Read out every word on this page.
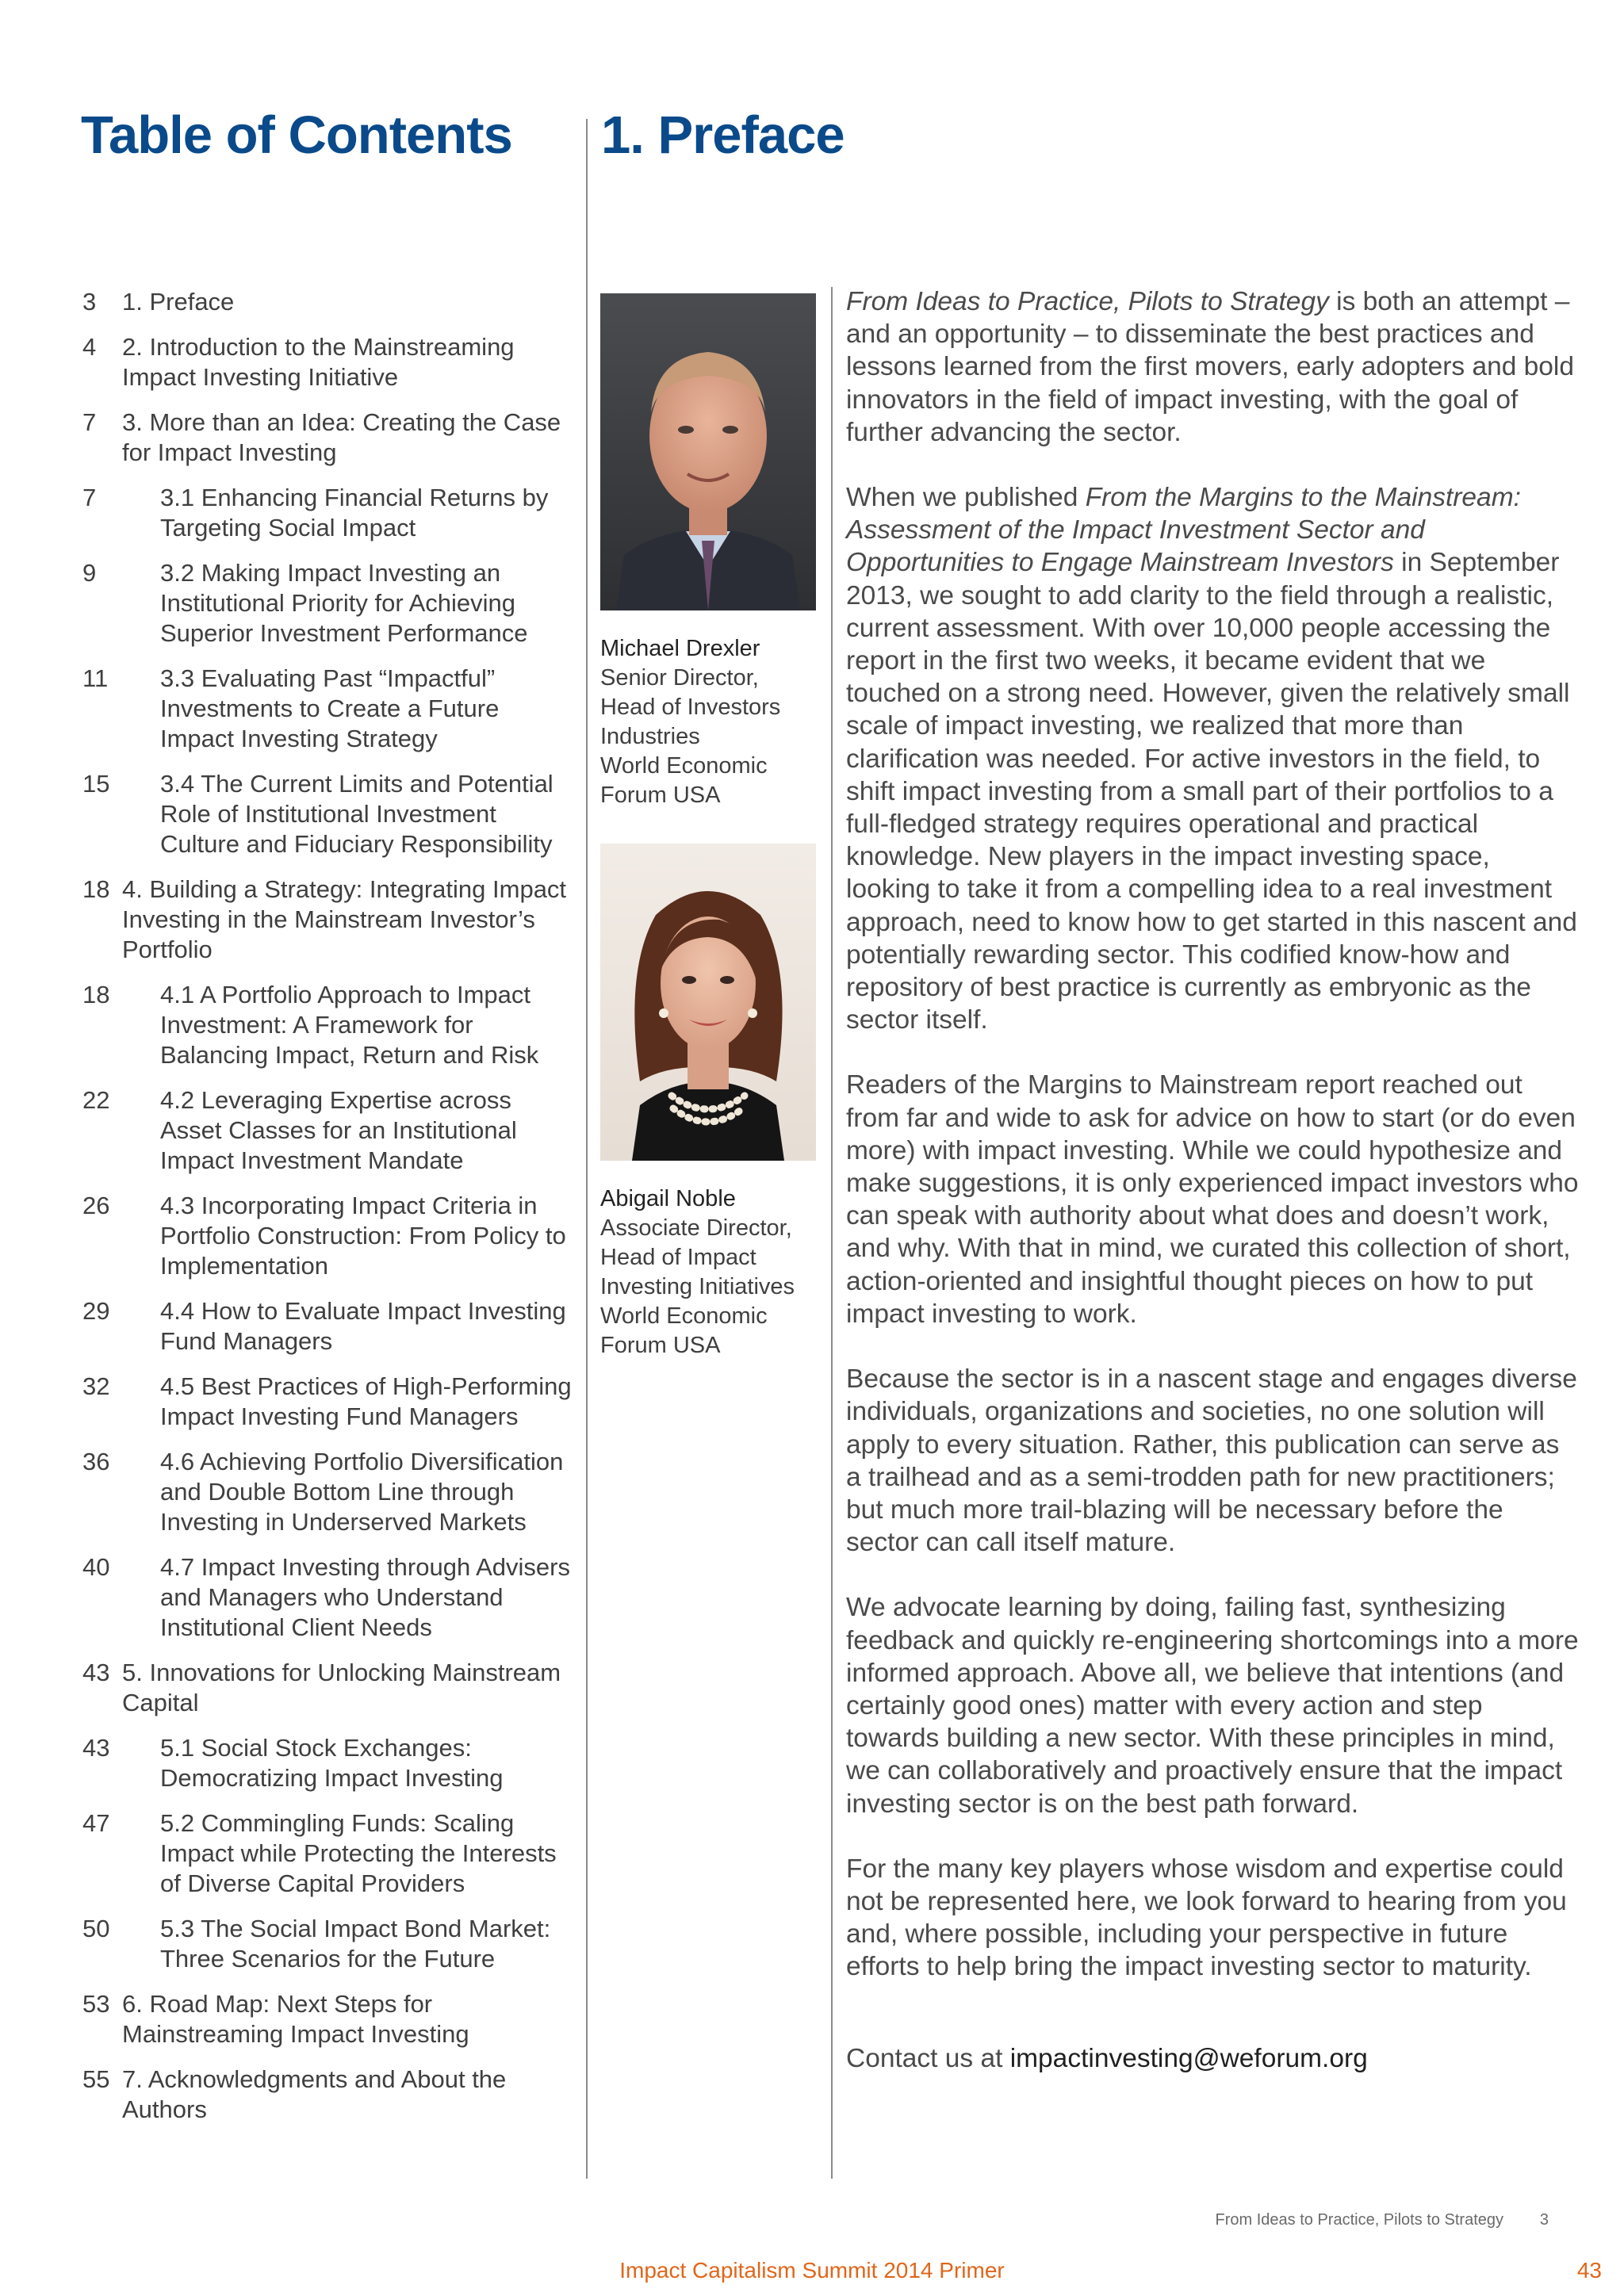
Table of Contents 1. Preface
3	1. Preface
4	2. Introduction to the Mainstreaming Impact Investing Initiative
7	3. More than an Idea: Creating the Case for Impact Investing
7	3.1 Enhancing Financial Returns by Targeting Social Impact
9	3.2 Making Impact Investing an Institutional Priority for Achieving Superior Investment Performance
11	3.3 Evaluating Past “Impactful” Investments to Create a Future Impact Investing Strategy
15	3.4 The Current Limits and Potential Role of Institutional Investment Culture and Fiduciary Responsibility
18 4. Building a Strategy: Integrating Impact Investing in the Mainstream Investor’s Portfolio
18	4.1 A Portfolio Approach to Impact Investment: A Framework for Balancing Impact, Return and Risk
22	4.2 Leveraging Expertise across Asset Classes for an Institutional Impact Investment Mandate
26	4.3 Incorporating Impact Criteria in Portfolio Construction: From Policy to Implementation
29	4.4 How to Evaluate Impact Investing Fund Managers
32	4.5 Best Practices of High-Performing Impact Investing Fund Managers
36	4.6 Achieving Portfolio Diversification and Double Bottom Line through Investing in Underserved Markets
40	4.7 Impact Investing through Advisers and Managers who Understand Institutional Client Needs
43 5. Innovations for Unlocking Mainstream Capital
43	5.1 Social Stock Exchanges: Democratizing Impact Investing
47	5.2 Commingling Funds: Scaling Impact while Protecting the Interests of Diverse Capital Providers
50	5.3 The Social Impact Bond Market: Three Scenarios for the Future
53 6. Road Map: Next Steps for Mainstreaming Impact Investing
55 7. Acknowledgments and About the Authors
Michael Drexler
Senior Director,
Head of Investors
Industries
World Economic
Forum USA
Abigail Noble
Associate Director,
Head of Impact
Investing Initiatives
World Economic
Forum USA

From Ideas to Practice, Pilots to Strategy is both an attempt – and an opportunity – to disseminate the best practices and lessons learned from the first movers, early adopters and bold innovators in the field of impact investing, with the goal of further advancing the sector.

When we published From the Margins to the Mainstream: Assessment of the Impact Investment Sector and Opportunities to Engage Mainstream Investors in September 2013, we sought to add clarity to the field through a realistic, current assessment. With over 10,000 people accessing the report in the first two weeks, it became evident that we touched on a strong need. However, given the relatively small scale of impact investing, we realized that more than clarification was needed. For active investors in the field, to shift impact investing from a small part of their portfolios to a full-fledged strategy requires operational and practical knowledge. New players in the impact investing space, looking to take it from a compelling idea to a real investment approach, need to know how to get started in this nascent and potentially rewarding sector. This codified know-how and repository of best practice is currently as embryonic as the sector itself.

Readers of the Margins to Mainstream report reached out from far and wide to ask for advice on how to start (or do even more) with impact investing. While we could hypothesize and make suggestions, it is only experienced impact investors who can speak with authority about what does and doesn’t work, and why. With that in mind, we curated this collection of short, action-oriented and insightful thought pieces on how to put impact investing to work.

Because the sector is in a nascent stage and engages diverse individuals, organizations and societies, no one solution will apply to every situation. Rather, this publication can serve as a trailhead and as a semi-trodden path for new practitioners; but much more trail-blazing will be necessary before the sector can call itself mature.

We advocate learning by doing, failing fast, synthesizing feedback and quickly re-engineering shortcomings into a more informed approach. Above all, we believe that intentions (and certainly good ones) matter with every action and step towards building a new sector. With these principles in mind, we can collaboratively and proactively ensure that the impact investing sector is on the best path forward.

For the many key players whose wisdom and expertise could not be represented here, we look forward to hearing from you and, where possible, including your perspective in future efforts to help bring the impact investing sector to maturity.

Contact us at impactinvesting@weforum.org

From Ideas to Practice, Pilots to Strategy 3
Impact Capitalism Summit 2014 Primer	43
